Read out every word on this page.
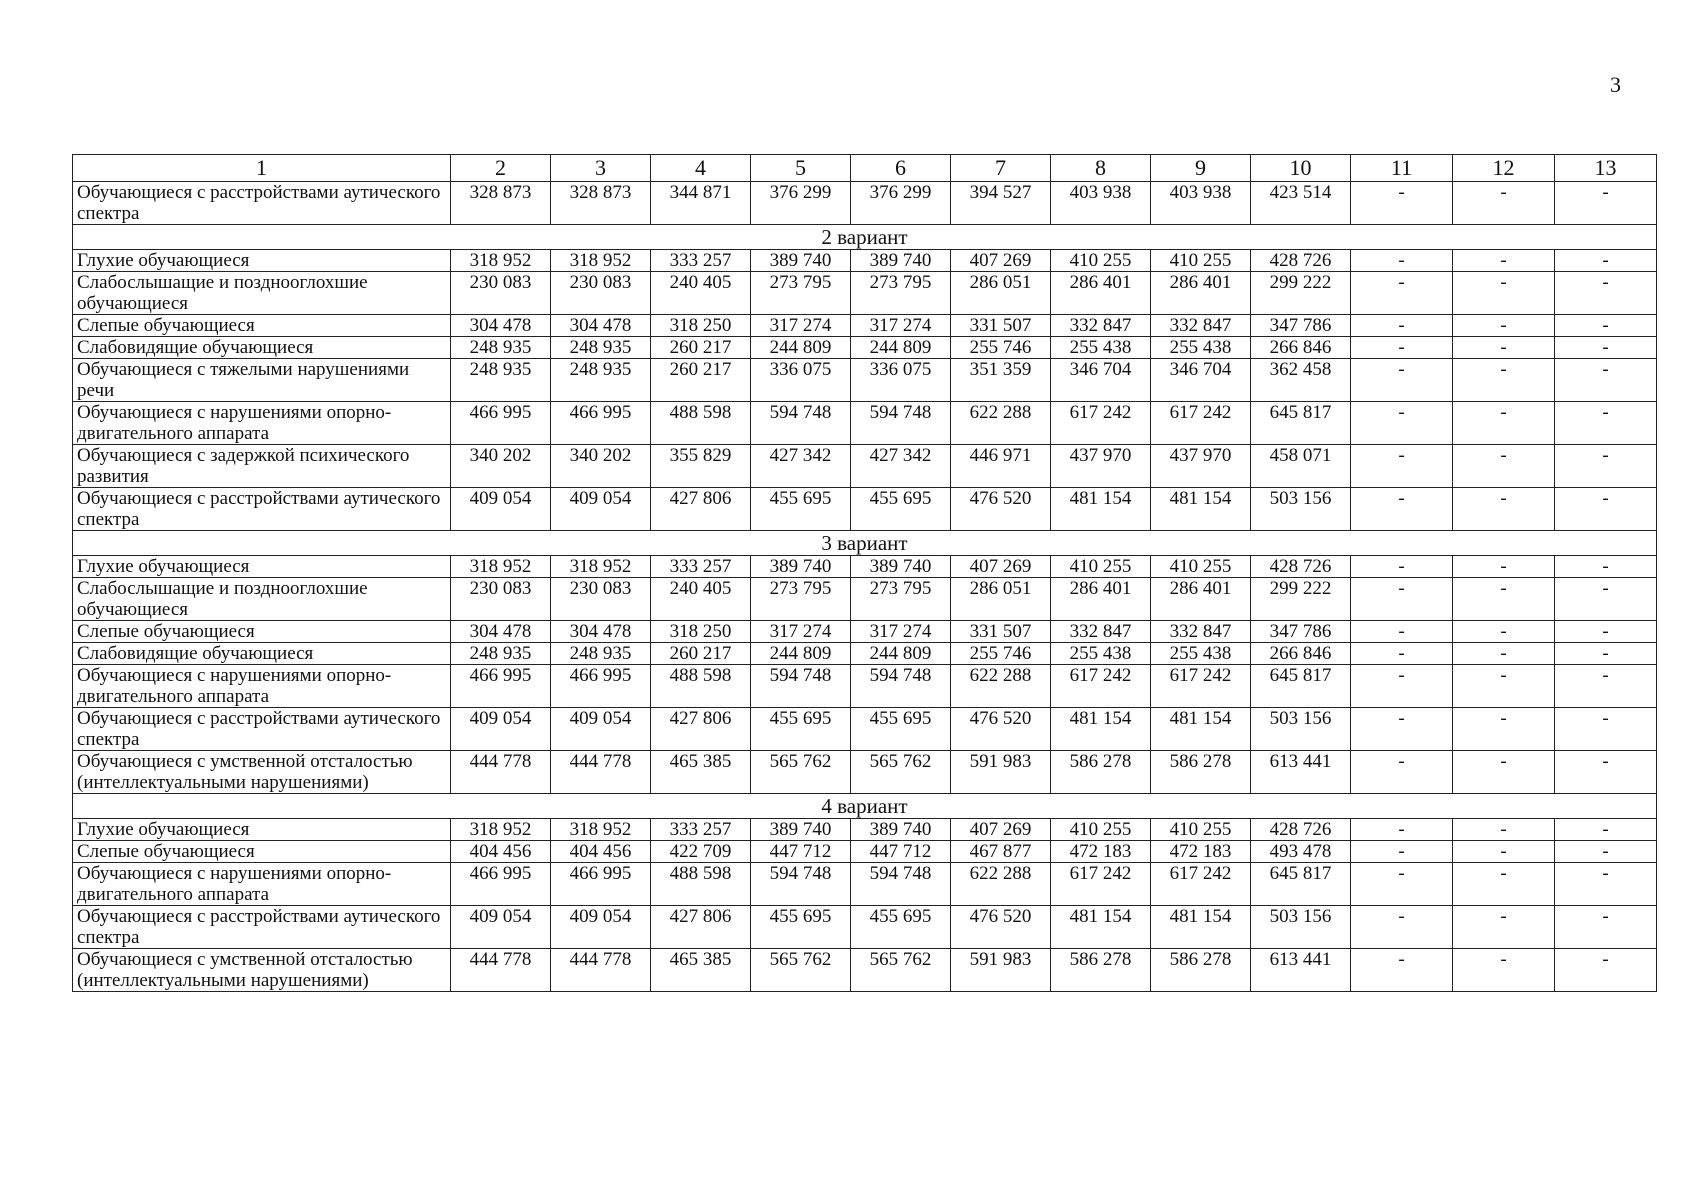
3
1	2	3	4	5	6	7	8	9	10	11	12	13
Обучающиеся с расстройствами аутического спектра	328 873	328 873	344 871	376 299	376 299	394 527	403 938	403 938	423 514	-	-	-
2 вариант												
Глухие обучающиеся	318 952	318 952	333 257	389 740	389 740	407 269	410 255	410 255	428 726	-	-	-
Слабослышащие и позднооглохшие обучающиеся	230 083	230 083	240 405	273 795	273 795	286 051	286 401	286 401	299 222	-	-	-
Слепые обучающиеся	304 478	304 478	318 250	317 274	317 274	331 507	332 847	332 847	347 786	-	-	-
Слабовидящие обучающиеся	248 935	248 935	260 217	244 809	244 809	255 746	255 438	255 438	266 846	-	-	-
Обучающиеся с тяжелыми нарушениями речи	248 935	248 935	260 217	336 075	336 075	351 359	346 704	346 704	362 458	-	-	-
Обучающиеся с нарушениями опорно-двигательного аппарата	466 995	466 995	488 598	594 748	594 748	622 288	617 242	617 242	645 817	-	-	-
Обучающиеся с задержкой психического развития	340 202	340 202	355 829	427 342	427 342	446 971	437 970	437 970	458 071	-	-	-
Обучающиеся с расстройствами аутического спектра	409 054	409 054	427 806	455 695	455 695	476 520	481 154	481 154	503 156	-	-	-
3 вариант												
Глухие обучающиеся	318 952	318 952	333 257	389 740	389 740	407 269	410 255	410 255	428 726	-	-	-
Слабослышащие и позднооглохшие обучающиеся	230 083	230 083	240 405	273 795	273 795	286 051	286 401	286 401	299 222	-	-	-
Слепые обучающиеся	304 478	304 478	318 250	317 274	317 274	331 507	332 847	332 847	347 786	-	-	-
Слабовидящие обучающиеся	248 935	248 935	260 217	244 809	244 809	255 746	255 438	255 438	266 846	-	-	-
Обучающиеся с нарушениями опорно-двигательного аппарата	466 995	466 995	488 598	594 748	594 748	622 288	617 242	617 242	645 817	-	-	-
Обучающиеся с расстройствами аутического спектра	409 054	409 054	427 806	455 695	455 695	476 520	481 154	481 154	503 156	-	-	-
Обучающиеся с умственной отсталостью (интеллектуальными нарушениями)	444 778	444 778	465 385	565 762	565 762	591 983	586 278	586 278	613 441	-	-	-
4 вариант												
Глухие обучающиеся	318 952	318 952	333 257	389 740	389 740	407 269	410 255	410 255	428 726	-	-	-
Слепые обучающиеся	404 456	404 456	422 709	447 712	447 712	467 877	472 183	472 183	493 478	-	-	-
Обучающиеся с нарушениями опорно-двигательного аппарата	466 995	466 995	488 598	594 748	594 748	622 288	617 242	617 242	645 817	-	-	-
Обучающиеся с расстройствами аутического спектра	409 054	409 054	427 806	455 695	455 695	476 520	481 154	481 154	503 156	-	-	-
Обучающиеся с умственной отсталостью (интеллектуальными нарушениями)	444 778	444 778	465 385	565 762	565 762	591 983	586 278	586 278	613 441	-	-	-
